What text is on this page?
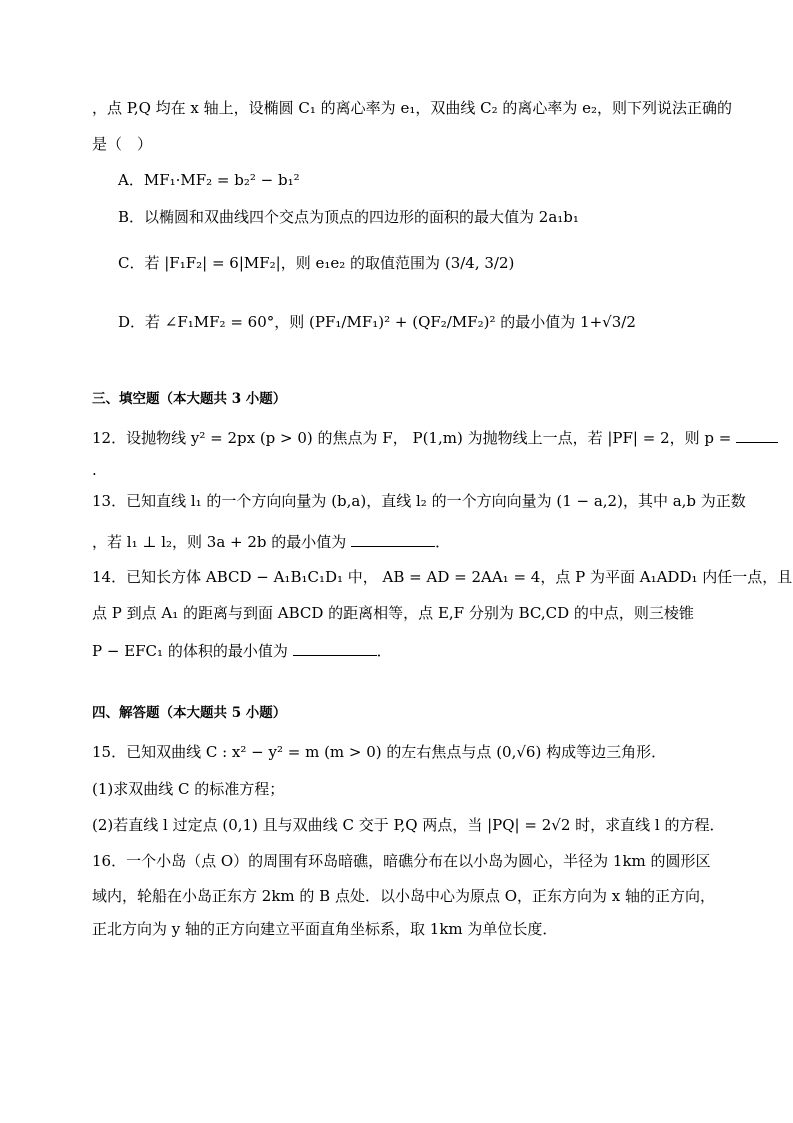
，点 P,Q 均在 x 轴上，设椭圆 C₁ 的离心率为 e₁，双曲线 C₂ 的离心率为 e₂，则下列说法正确的
是（　）
A．MF₁·MF₂ = b₂² − b₁²
B．以椭圆和双曲线四个交点为顶点的四边形的面积的最大值为 2a₁b₁
C．若 |F₁F₂| = 6|MF₂|，则 e₁e₂ 的取值范围为 (3/4, 3/2)
D．若 ∠F₁MF₂ = 60°，则 (PF₁/MF₁)² + (QF₂/MF₂)² 的最小值为 1+√3/2
三、填空题（本大题共 3 小题）
12．设抛物线 y² = 2px (p > 0) 的焦点为 F， P(1,m) 为抛物线上一点，若 |PF| = 2，则 p =
.
13．已知直线 l₁ 的一个方向向量为 (b,a)，直线 l₂ 的一个方向向量为 (1 − a,2)，其中 a,b 为正数
，若 l₁ ⊥ l₂，则 3a + 2b 的最小值为	．
14．已知长方体 ABCD − A₁B₁C₁D₁ 中， AB = AD = 2AA₁ = 4，点 P 为平面 A₁ADD₁ 内任一点，且
点 P 到点 A₁ 的距离与到面 ABCD 的距离相等，点 E,F 分别为 BC,CD 的中点，则三棱锥
P − EFC₁ 的体积的最小值为	．
四、解答题（本大题共 5 小题）
15．已知双曲线 C : x² − y² = m (m > 0) 的左右焦点与点 (0,√6) 构成等边三角形．
(1)求双曲线 C 的标准方程；
(2)若直线 l 过定点 (0,1) 且与双曲线 C 交于 P,Q 两点，当 |PQ| = 2√2 时，求直线 l 的方程．
16．一个小岛（点 O）的周围有环岛暗礁，暗礁分布在以小岛为圆心，半径为 1km 的圆形区
域内，轮船在小岛正东方 2km 的 B 点处．以小岛中心为原点 O，正东方向为 x 轴的正方向，
正北方向为 y 轴的正方向建立平面直角坐标系，取 1km 为单位长度．
